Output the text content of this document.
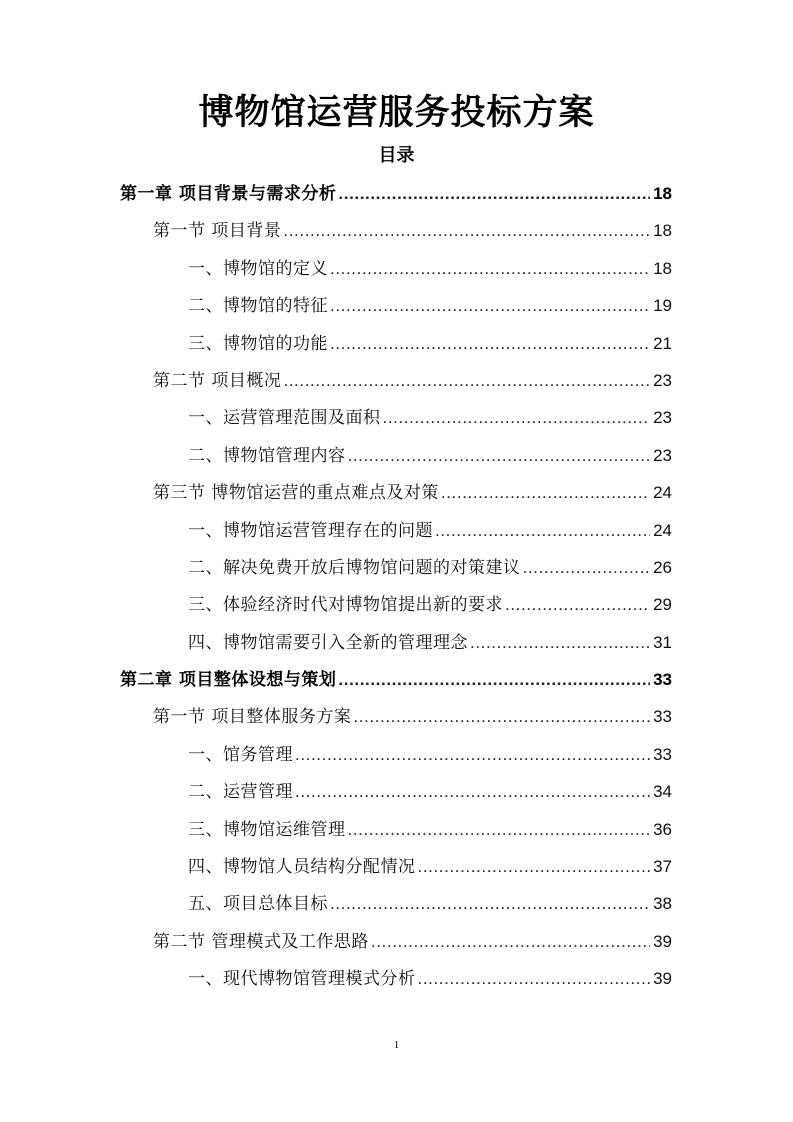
博物馆运营服务投标方案
目录
第一章 项目背景与需求分析 .....	18
第一节 项目背景 .....	18
一、博物馆的定义 .....	18
二、博物馆的特征 .....	19
三、博物馆的功能 .....	21
第二节 项目概况 .....	23
一、运营管理范围及面积 .....	23
二、博物馆管理内容 .....	23
第三节 博物馆运营的重点难点及对策 .....	24
一、博物馆运营管理存在的问题 .....	24
二、解决免费开放后博物馆问题的对策建议 .....	26
三、体验经济时代对博物馆提出新的要求 .....	29
四、博物馆需要引入全新的管理理念 .....	31
第二章 项目整体设想与策划 .....	33
第一节 项目整体服务方案 .....	33
一、馆务管理 .....	33
二、运营管理 .....	34
三、博物馆运维管理 .....	36
四、博物馆人员结构分配情况 .....	37
五、项目总体目标 .....	38
第二节 管理模式及工作思路 .....	39
一、现代博物馆管理模式分析 .....	39
1
